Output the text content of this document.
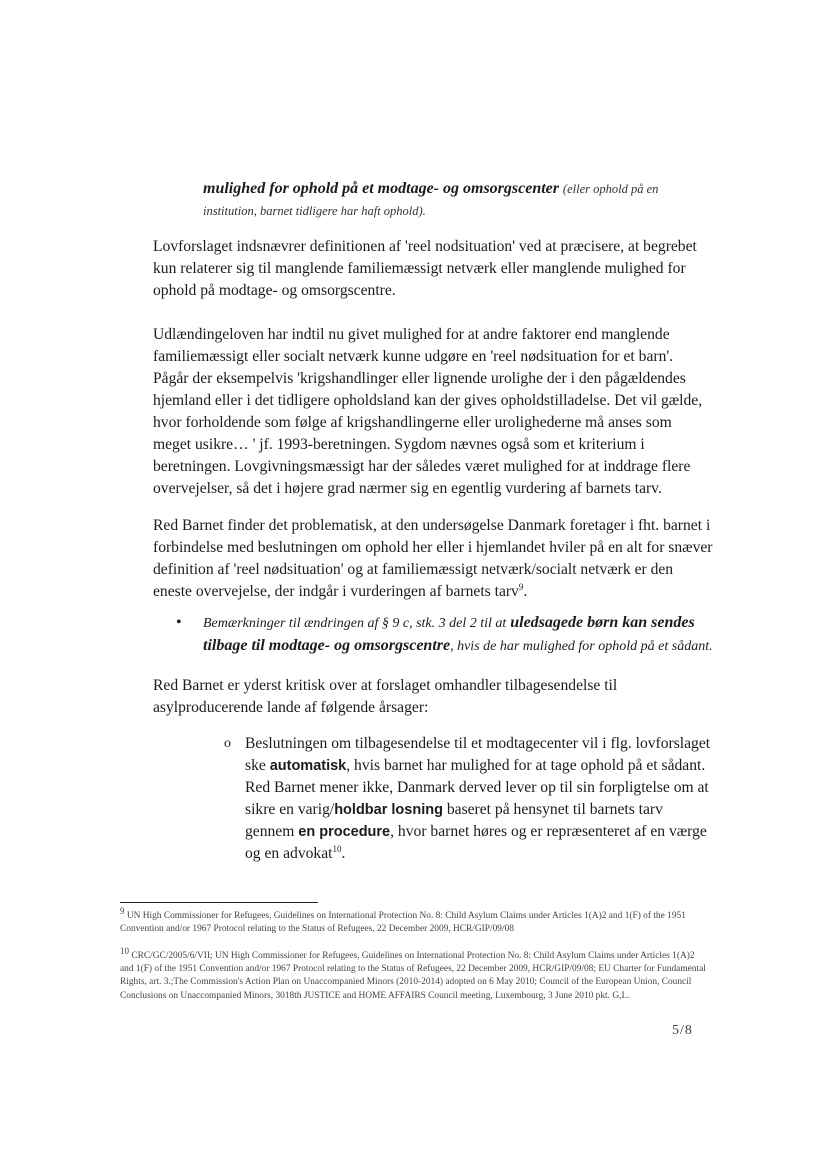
mulighed for ophold på et modtage- og omsorgscenter (eller ophold på en
institution, barnet tidligere har haft ophold).
Lovforslaget indsnævrer definitionen af 'reel nodsituation' ved at præcisere, at begrebet kun relaterer sig til manglende familiemæssigt netværk eller manglende mulighed for ophold på modtage- og omsorgscentre.
Udlændingeloven har indtil nu givet mulighed for at andre faktorer end manglende familiemæssigt eller socialt netværk kunne udgøre en 'reel nødsituation for et barn'. Pågår der eksempelvis 'krigshandlinger eller lignende urolighe der i den pågældendes hjemland eller i det tidligere opholdsland kan der gives opholdstilladelse. Det vil gælde, hvor forholdende som følge af krigshandlingerne eller urolighederne må anses som meget usikre… ' jf. 1993-beretningen. Sygdom nævnes også som et kriterium i beretningen. Lovgivningsmæssigt har der således været mulighed for at inddrage flere overvejelser, så det i højere grad nærmer sig en egentlig vurdering af barnets tarv.
Red Barnet finder det problematisk, at den undersøgelse Danmark foretager i fht. barnet i forbindelse med beslutningen om ophold her eller i hjemlandet hviler på en alt for snæver definition af 'reel nødsituation' og at familiemæssigt netværk/socialt netværk er den eneste overvejelse, der indgår i vurderingen af barnets tarv$^9$.
• Bemærkninger til ændringen af § 9 c, stk. 3 del 2 til at uledsagede børn kan sendes tilbage til modtage- og omsorgscentre, hvis de har mulighed for ophold på et sådant.
Red Barnet er yderst kritisk over at forslaget omhandler tilbagesendelse til asylproducerende lande af følgende årsager:
o Beslutningen om tilbagesendelse til et modtagecenter vil i flg. lovforslaget ske automatisk, hvis barnet har mulighed for at tage ophold på et sådant. Red Barnet mener ikke, Danmark derved lever op til sin forpligtelse om at sikre en varig/holdbar losning baseret på hensynet til barnets tarv gennem en procedure, hvor barnet høres og er repræsenteret af en værge og en advokat$^{10}$.
$^9$ UN High Commissioner for Refugees, Guidelines on International Protection No. 8: Child Asylum Claims under Articles 1(A)2 and 1(F) of the 1951 Convention and/or 1967 Protocol relating to the Status of Refugees, 22 December 2009, HCR/GIP/09/08
$^{10}$ CRC/GC/2005/6/VII; UN High Commissioner for Refugees, Guidelines on International Protection No. 8: Child Asylum Claims under Articles 1(A)2 and 1(F) of the 1951 Convention and/or 1967 Protocol relating to the Status of Refugees, 22 December 2009, HCR/GIP/09/08; EU Charter for Fundamental Rights, art. 3.;The Commission's Action Plan on Unaccompanied Minors (2010-2014) adopted on 6 May 2010; Council of the European Union, Council Conclusions on Unaccompanied Minors, 3018th JUSTICE and HOME AFFAIRS Council meeting, Luxembourg, 3 June 2010 pkt. G,I..
5/8
